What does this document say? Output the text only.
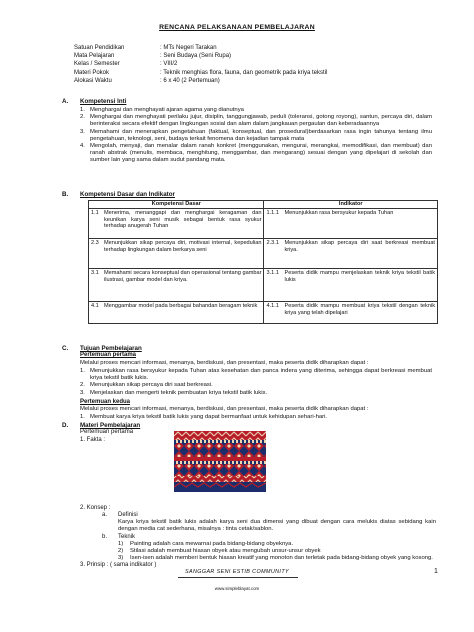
RENCANA PELAKSANAAN PEMBELAJARAN
Satuan Pendidikan	: MTs Negeri Tarakan
Mata Pelajaran	: Seni Budaya (Seni Rupa)
Kelas / Semester	: VIII/2
Materi Pokok	: Teknik menghias flora, fauna, dan geometrik pada kriya tekstil
Alokasi Waktu	: 6 x 40 (2 Pertemuan)
A. Kompetensi Inti
1. Menghargai dan menghayati ajaran agama yang dianutnya
2. Menghargai dan menghayati perilaku jujur, disiplin, tanggungjawab, peduli (toleransi, gotong royong), santun, percaya diri, dalam berinteraksi secara efektif dengan lingkungan sosial dan alam dalam jangkauan pergaulan dan keberadaannya
3. Memahami dan menerapkan pengetahuan (faktual, konseptual, dan prosedural)berdasarkan rasa ingin tahunya tentang ilmu pengetahuan, teknologi, seni, budaya terkait fenomena dan kejadian tampak mata
4. Mengolah, menyaji, dan menalar dalam ranah konkret (menggunakan, mengurai, merangkai, memodifikasi, dan membuat) dan ranah abstrak (menulis, membaca, menghitung, menggambar, dan mengarang) sesuai dengan yang dipelajari di sekolah dan sumber lain yang sama dalam sudut pandang mata.
B. Kompetensi Dasar dan Indikator
Kompetensi Dasar	Indikator

1.1 Menerima, menanggapi dan menghargai keragaman dan keunikan karya seni musik sebagai bentuk rasa syukur terhadap anugerah Tuhan	1.1.1 Menunjukkan rasa bersyukur kepada Tuhan

2.3 Menunjukkan sikap percaya diri, motivasi internal, kepedulian terhadap lingkungan dalam berkarya seni	2.3.1 Menunjukkan sikap percaya diri saat berkreasi membuat kriya.

3.1 Memahami secara konseptual dan operasional tentang gambar ilustrasi, gambar model dan kriya.	3.1.1 Peserta didik mampu menjelaskan teknik kriya tekstil batik lukis

4.1 Menggambar model pada berbagai bahandan beragam teknik	4.1.1 Peserta didik mampu membuat kriya tekstil dengan teknik kriya yang telah dipelajari
C. Tujuan Pembelajaran
Pertemuan pertama
Melalui proses mencari informasi, menanya, berdiskusi, dan presentasi, maka peserta didik diharapkan dapat :
1. Menunjukkan rasa bersyukur kepada Tuhan atas kesehatan dan panca indera yang diterima, sehingga dapat berkreasi membuat kriya tekstil batik lukis.
2. Menunjukkan sikap percaya diri saat berkreasi.
3. Menjelaskan dan mengerti teknik pembuatan kriya tekstil batik lukis.
Pertemuan kedua
Melalui proses mencari informasi, menanya, berdiskusi, dan presentasi, maka peserta didik diharapkan dapat :
1. Membuat karya kriya tekstil batik lukis yang dapat bermanfaat untuk kehidupan sehari-hari.
D. Materi Pembelajaran
Pertemuan pertama
1. Fakta :
2. Konsep :
a. Definisi
Karya kriya tekstil batik lukis adalah karya seni dua dimensi yang dibuat dengan cara melukis diatas sebidang kain dengan media cat sederhana, misalnya : tinta cetak/sablon.
b. Teknik
1)	Painting adalah cara mewarnai pada bidang-bidang obyeknya.
2)	Stilasi adalah membuat hiasan obyek atau mengubah unsur-unsur obyek
3)	Isen-isen adalah memberi bentuk hiasan kreatif yang monoton dan terletak pada bidang-bidang obyek yang kosong.
3. Prinsip : ( sama indikator )
SANGGAR SENI ESTIB COMMUNITY	1
www.simpleblayat.com
